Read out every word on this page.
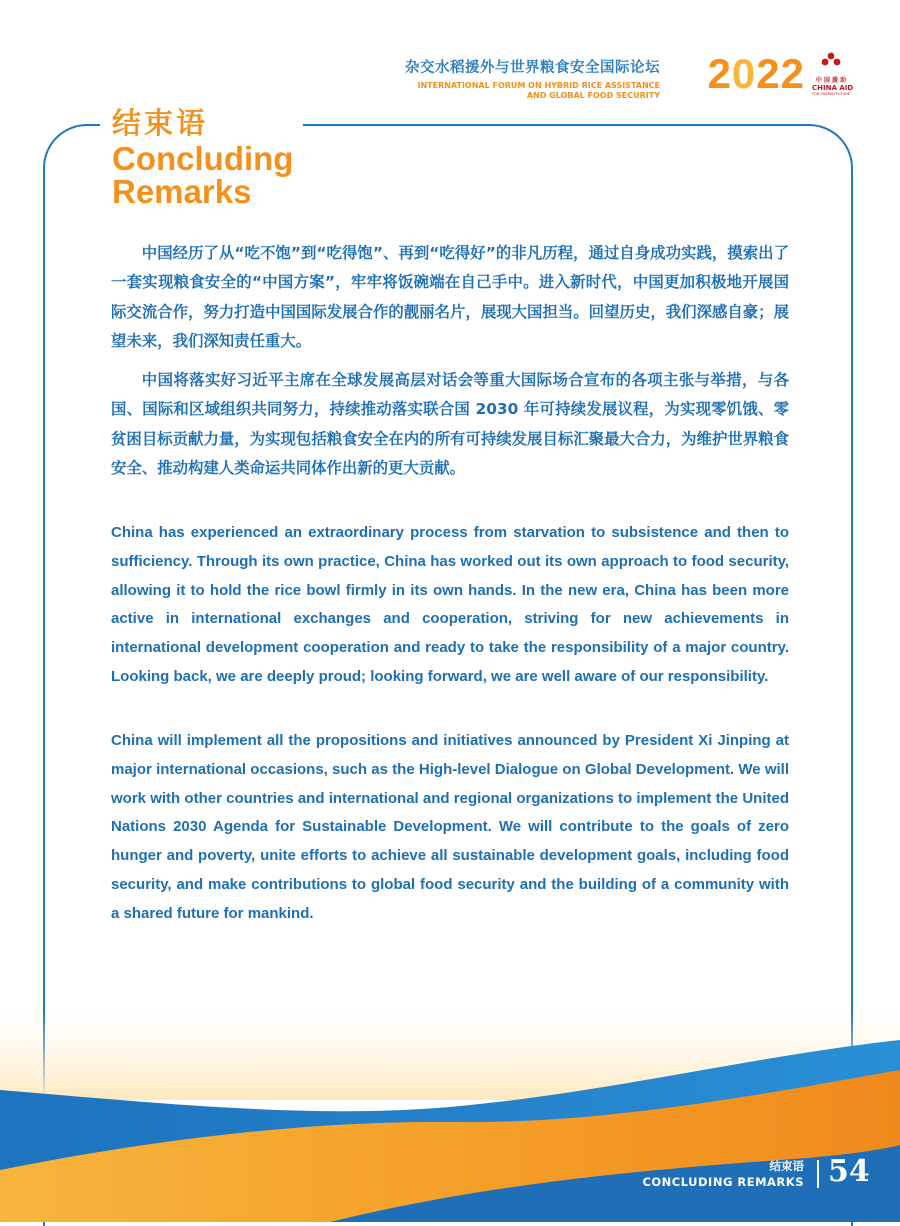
杂交水稻援外与世界粮食安全国际论坛
INTERNATIONAL FORUM ON HYBRID RICE ASSISTANCE
AND GLOBAL FOOD SECURITY 2022	中 国 援 助
CHINA AID
FOR SHARED FUTURE
结束语
Concluding
Remarks

中国经历了从“吃不饱”到“吃得饱”、再到“吃得好”的非凡历程，通过自身成功实践，摸索出了一套实现粮食安全的“中国方案”，牢牢将饭碗端在自己手中。进入新时代，中国更加积极地开展国际交流合作，努力打造中国国际发展合作的靓丽名片，展现大国担当。回望历史，我们深感自豪；展望未来，我们深知责任重大。

中国将落实好习近平主席在全球发展高层对话会等重大国际场合宣布的各项主张与举措，与各国、国际和区域组织共同努力，持续推动落实联合国 2030 年可持续发展议程，为实现零饥饿、零贫困目标贡献力量，为实现包括粮食安全在内的所有可持续发展目标汇聚最大合力，为维护世界粮食安全、推动构建人类命运共同体作出新的更大贡献。

China has experienced an extraordinary process from starvation to subsistence and then to sufficiency. Through its own practice, China has worked out its own approach to food security, allowing it to hold the rice bowl firmly in its own hands. In the new era, China has been more active in international exchanges and cooperation, striving for new achievements in international development cooperation and ready to take the responsibility of a major country. Looking back, we are deeply proud; looking forward, we are well aware of our responsibility.

China will implement all the propositions and initiatives announced by President Xi Jinping at major international occasions, such as the High-level Dialogue on Global Development. We will work with other countries and international and regional organizations to implement the United Nations 2030 Agenda for Sustainable Development. We will contribute to the goals of zero hunger and poverty, unite efforts to achieve all sustainable development goals, including food security, and make contributions to global food security and the building of a community with a shared future for mankind.

结束语
CONCLUDING REMARKS 54
